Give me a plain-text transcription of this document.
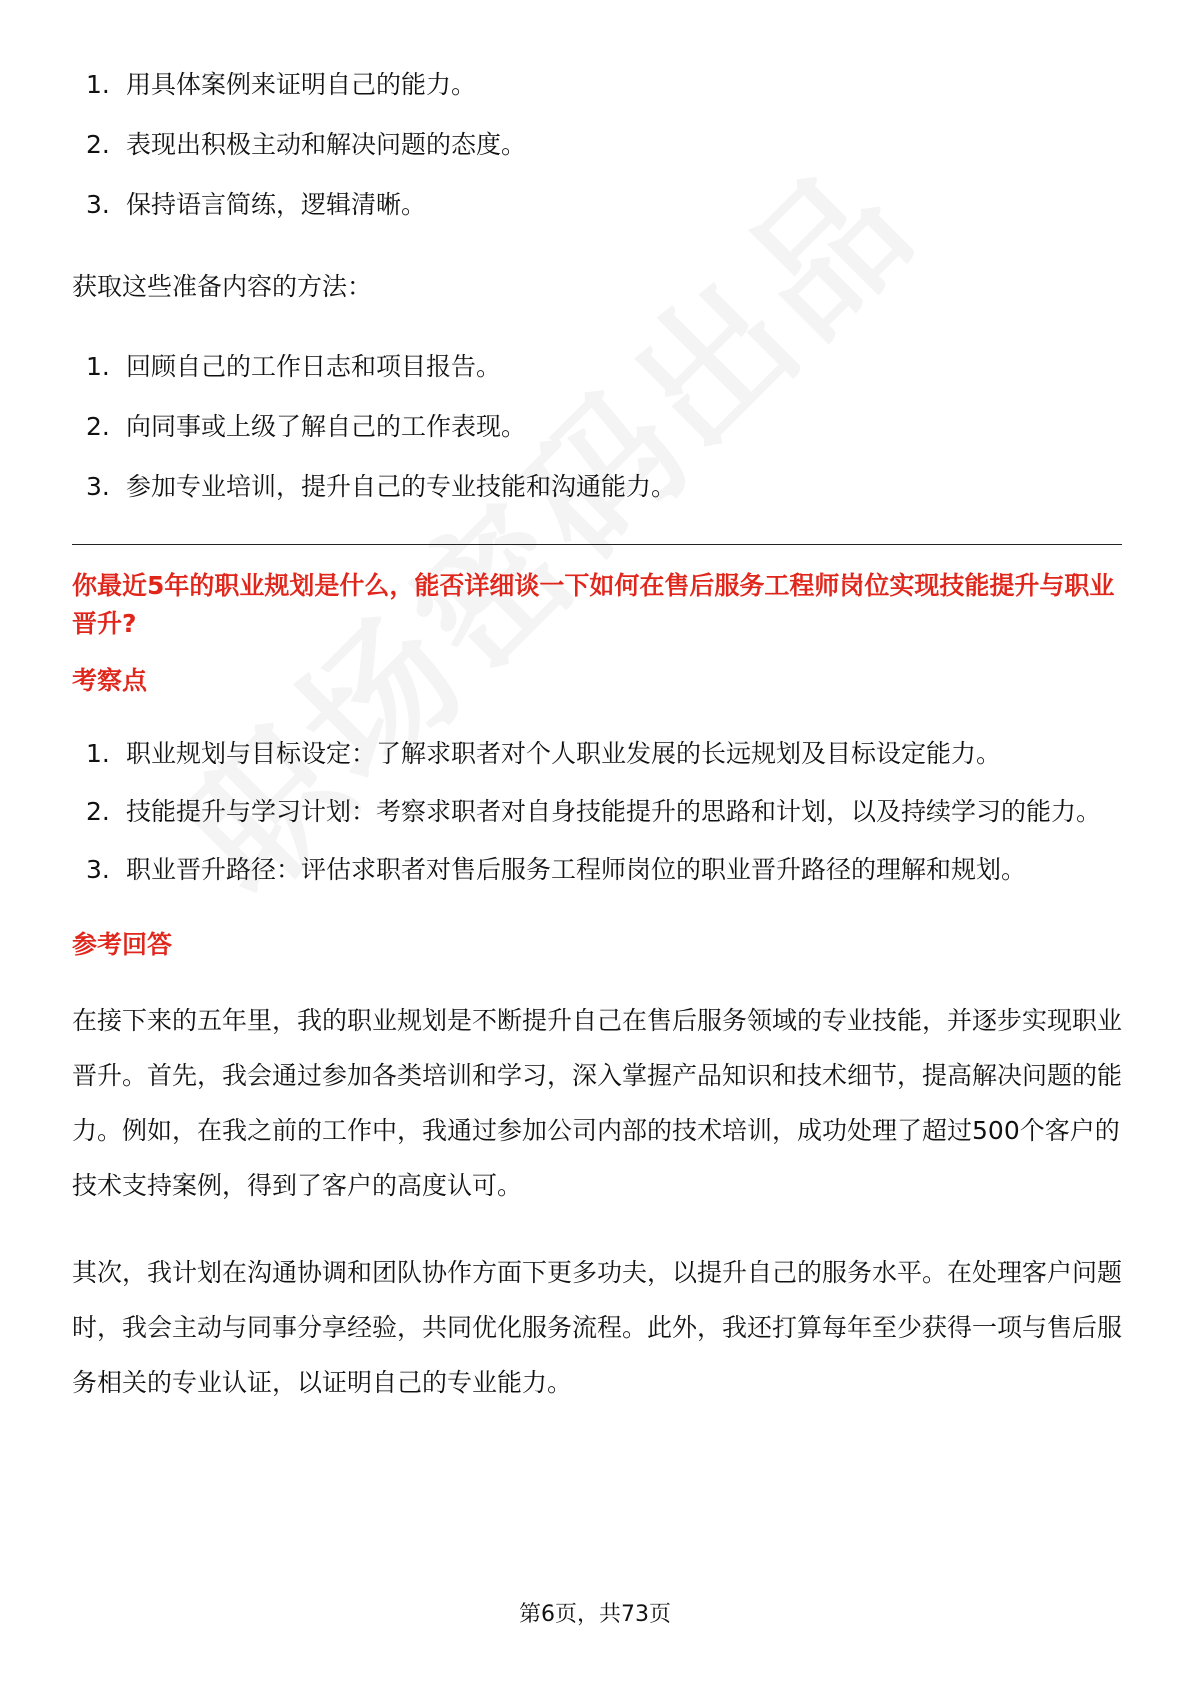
1. 用具体案例来证明自己的能力。
2. 表现出积极主动和解决问题的态度。
3. 保持语言简练，逻辑清晰。

获取这些准备内容的方法：

1. 回顾自己的工作日志和项目报告。
2. 向同事或上级了解自己的工作表现。
3. 参加专业培训，提升自己的专业技能和沟通能力。
你最近5年的职业规划是什么，能否详细谈一下如何在售后服务工程师岗位实现技能提升与职业晋升?
考察点
1. 职业规划与目标设定：了解求职者对个人职业发展的长远规划及目标设定能力。
2. 技能提升与学习计划：考察求职者对自身技能提升的思路和计划，以及持续学习的能力。
3. 职业晋升路径：评估求职者对售后服务工程师岗位的职业晋升路径的理解和规划。
参考回答

在接下来的五年里，我的职业规划是不断提升自己在售后服务领域的专业技能，并逐步实现职业晋升。首先，我会通过参加各类培训和学习，深入掌握产品知识和技术细节，提高解决问题的能力。例如，在我之前的工作中，我通过参加公司内部的技术培训，成功处理了超过500个客户的技术支持案例，得到了客户的高度认可。

其次，我计划在沟通协调和团队协作方面下更多功夫，以提升自己的服务水平。在处理客户问题时，我会主动与同事分享经验，共同优化服务流程。此外，我还打算每年至少获得一项与售后服务相关的专业认证，以证明自己的专业能力。

第6页，共73页
